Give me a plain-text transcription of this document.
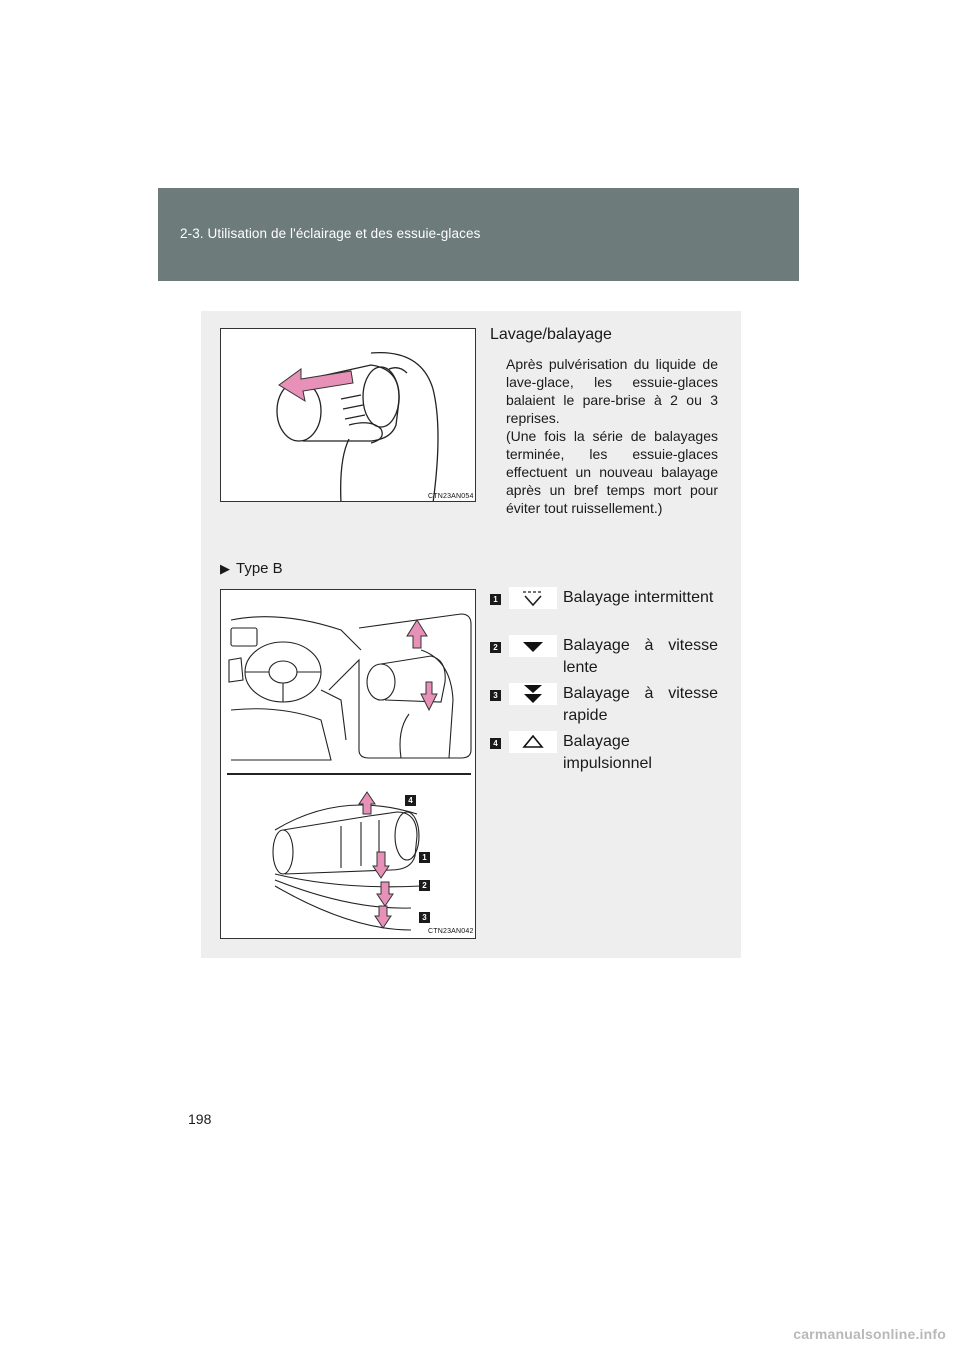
2-3. Utilisation de l'éclairage et des essuie-glaces
CTN23AN054
Lavage/balayage

Après pulvérisation du liquide de lave-glace, les essuie-glaces balaient le pare-brise à 2 ou 3 reprises.

(Une fois la série de balayages terminée, les essuie-glaces effectuent un nouveau balayage après un bref temps mort pour éviter tout ruissellement.)

▶ Type B
4
1
2
3
CTN23AN042
1	Balayage intermittent
2	Balayage à vitesse lente
3	Balayage à vitesse rapide
4	Balayage impulsionnel
198
carmanualsonline.info
